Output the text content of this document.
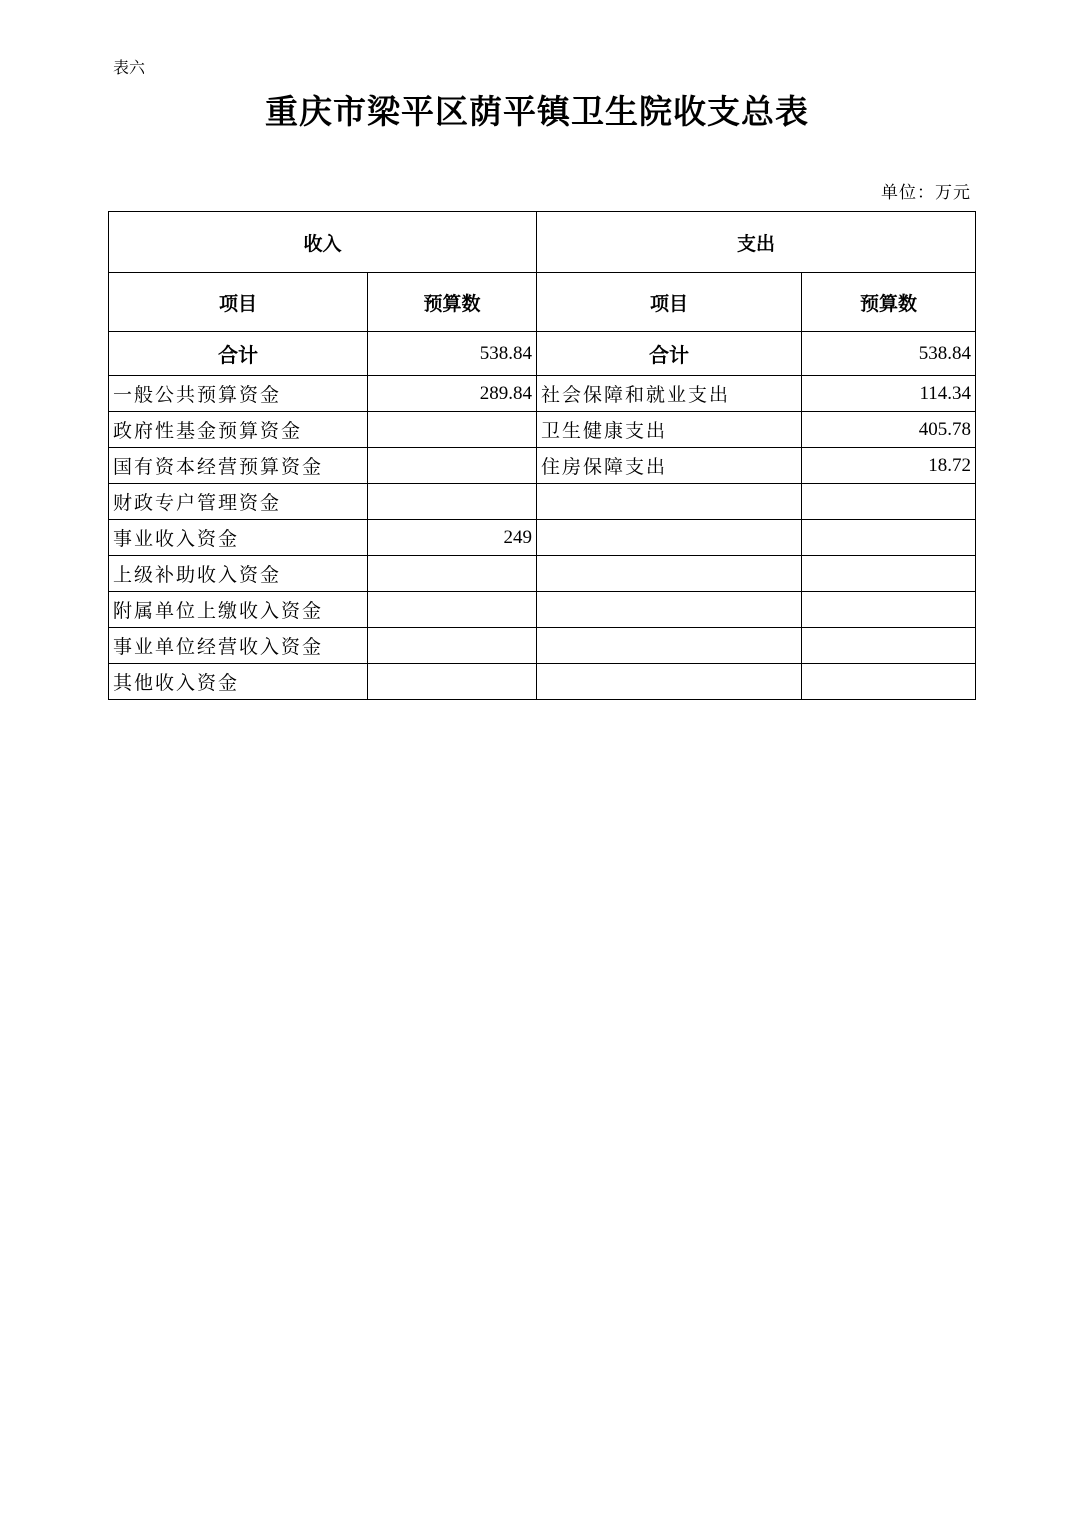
表六
重庆市梁平区荫平镇卫生院收支总表
单位：万元
收入		支出	
项目	预算数	项目	预算数
合计	538.84	合计	538.84
一般公共预算资金	289.84	社会保障和就业支出	114.34
政府性基金预算资金		卫生健康支出	405.78
国有资本经营预算资金		住房保障支出	18.72
财政专户管理资金			
事业收入资金	249		
上级补助收入资金			
附属单位上缴收入资金			
事业单位经营收入资金			
其他收入资金			
